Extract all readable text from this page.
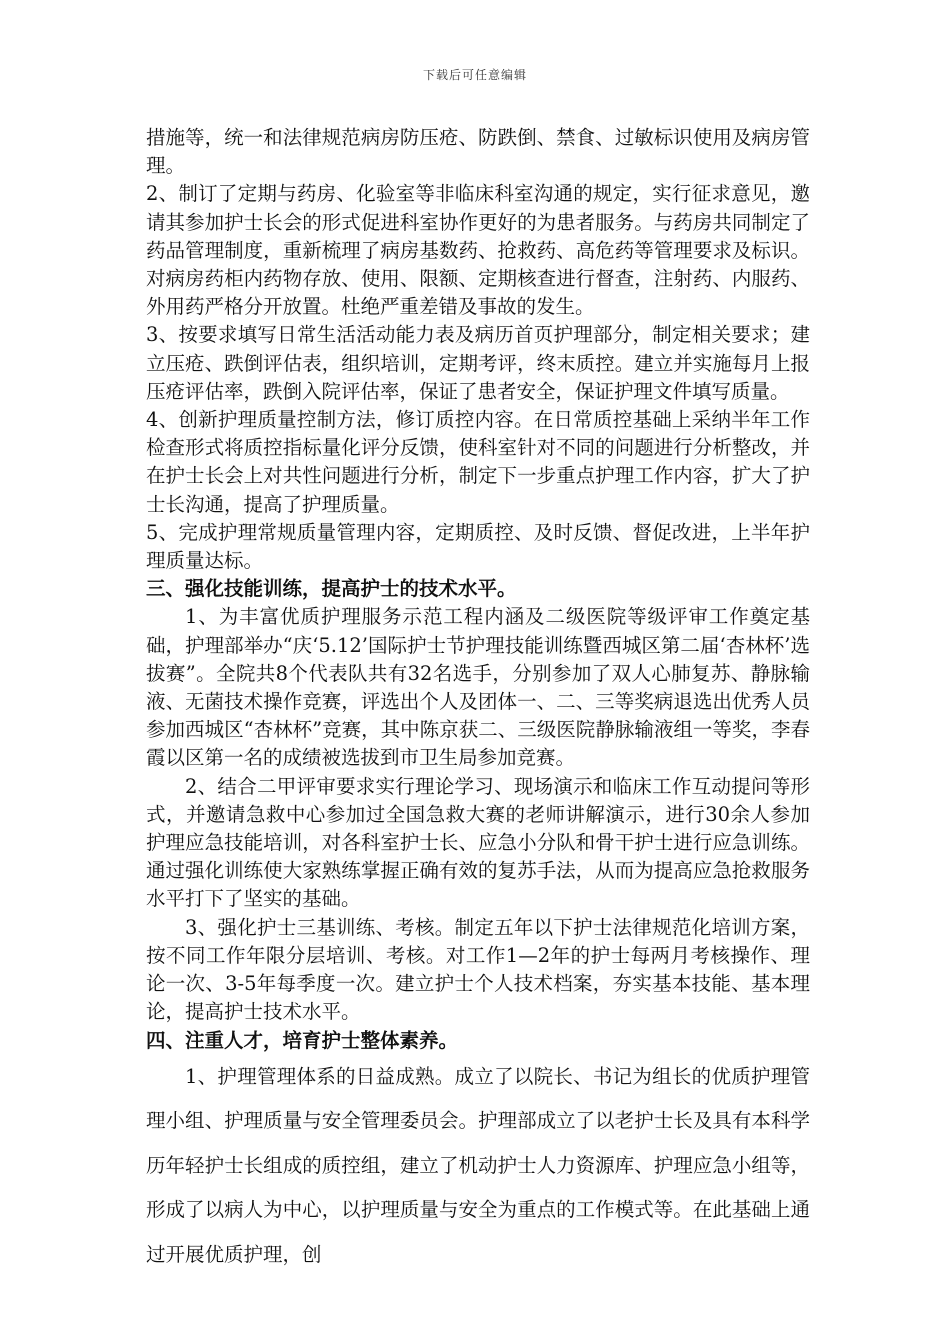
下载后可任意编辑

措施等，统一和法律规范病房防压疮、防跌倒、禁食、过敏标识使用及病房管理。

2、制订了定期与药房、化验室等非临床科室沟通的规定，实行征求意见，邀请其参加护士长会的形式促进科室协作更好的为患者服务。与药房共同制定了药品管理制度，重新梳理了病房基数药、抢救药、高危药等管理要求及标识。对病房药柜内药物存放、使用、限额、定期核查进行督查，注射药、内服药、外用药严格分开放置。杜绝严重差错及事故的发生。

3、按要求填写日常生活活动能力表及病历首页护理部分，制定相关要求；建立压疮、跌倒评估表，组织培训，定期考评，终末质控。建立并实施每月上报压疮评估率，跌倒入院评估率，保证了患者安全，保证护理文件填写质量。

4、创新护理质量控制方法，修订质控内容。在日常质控基础上采纳半年工作检查形式将质控指标量化评分反馈，使科室针对不同的问题进行分析整改，并在护士长会上对共性问题进行分析，制定下一步重点护理工作内容，扩大了护士长沟通，提高了护理质量。

5、完成护理常规质量管理内容，定期质控、及时反馈、督促改进，上半年护理质量达标。

三、强化技能训练，提高护士的技术水平。

1、为丰富优质护理服务示范工程内涵及二级医院等级评审工作奠定基础，护理部举办“庆‘5.12’国际护士节护理技能训练暨西城区第二届‘杏林杯’选拔赛”。全院共8个代表队共有32名选手，分别参加了双人心肺复苏、静脉输液、无菌技术操作竞赛，评选出个人及团体一、二、三等奖病退选出优秀人员参加西城区“杏林杯”竞赛，其中陈京获二、三级医院静脉输液组一等奖，李春霞以区第一名的成绩被选拔到市卫生局参加竞赛。

2、结合二甲评审要求实行理论学习、现场演示和临床工作互动提问等形式，并邀请急救中心参加过全国急救大赛的老师讲解演示，进行30余人参加护理应急技能培训，对各科室护士长、应急小分队和骨干护士进行应急训练。通过强化训练使大家熟练掌握正确有效的复苏手法，从而为提高应急抢救服务水平打下了坚实的基础。

3、强化护士三基训练、考核。制定五年以下护士法律规范化培训方案，按不同工作年限分层培训、考核。对工作1—2年的护士每两月考核操作、理论一次、3-5年每季度一次。建立护士个人技术档案，夯实基本技能、基本理论，提高护士技术水平。

四、注重人才，培育护士整体素养。

1、护理管理体系的日益成熟。成立了以院长、书记为组长的优质护理管理小组、护理质量与安全管理委员会。护理部成立了以老护士长及具有本科学历年轻护士长组成的质控组，建立了机动护士人力资源库、护理应急小组等，形成了以病人为中心，以护理质量与安全为重点的工作模式等。在此基础上通过开展优质护理，创
